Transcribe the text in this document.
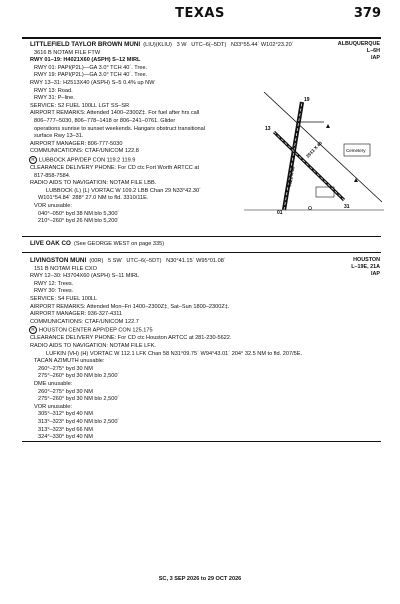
TEXAS	379
ALBUQUERQUE
L–6H
IAP
LITTLEFIELD TAYLOR BROWN MUNI (LIU)(KLIU) 3 W UTC–6(–5DT) N33°55.44´ W102°23.20´
3616 B NOTAM FILE FTW
RWY 01–19: H4021X60 (ASPH) S–12 MIRL
RWY 01: PAPI(P2L)—GA 3.0° TCH 40´. Tree.
RWY 19: PAPI(P2L)—GA 3.0° TCH 40´. Tree.
RWY 13–31: H2513X40 (ASPH) S–5 0.4% up NW
RWY 13: Road.
RWY 31: P–line.
SERVICE: S2 FUEL 100LL LGT SS–SR
AIRPORT REMARKS: Attended 1400–2300Z‡. For fuel after hrs call
806–777–5030, 806–778–1418 or 806–241–0761. Glider
operations sunrise to sunset weekends. Hangars obstruct transitional
surface Rwy 13–31.
AIRPORT MANAGER: 806-777-5030
COMMUNICATIONS: CTAF/UNICOM 122.8
R LUBBOCK APP/DEP CON 119.2 119.9
CLEARANCE DELIVERY PHONE: For CD ctc Fort Worth ARTCC at
817-858-7584.
RADIO AIDS TO NAVIGATION: NOTAM FILE LBB.
LUBBOCK (L) (L) VORTAC W 109.2 LBB Chan 29 N33°42.30´
W101°54.84´ 288° 27.0 NM to fld. 3310/11E.
VOR unusable:
040°–050° byd 38 NM blo 5,300´
210°–260° byd 26 NM blo 5,200´
Cemetery
01
19
13
31
4021 X 60
2513 X 40
LIVE OAK CO (See GEORGE WEST on page 335)
HOUSTON
L–19E, 21A
IAP
LIVINGSTON MUNI (00R) 5 SW UTC–6(–5DT) N30°41.15´ W95°01.08´
151 B NOTAM FILE CXO
RWY 12–30: H3704X60 (ASPH) S–11 MIRL
RWY 12: Trees.
RWY 30: Trees.
SERVICE: S4 FUEL 100LL
AIRPORT REMARKS: Attended Mon–Fri 1400–2300Z‡, Sat–Sun 1800–2300Z‡.
AIRPORT MANAGER: 936-327-4311
COMMUNICATIONS: CTAF/UNICOM 122.7
R HOUSTON CENTER APP/DEP CON 125.175
CLEARANCE DELIVERY PHONE: For CD ctc Houston ARTCC at 281-230-5622.
RADIO AIDS TO NAVIGATION: NOTAM FILE LFK.
LUFKIN (VH) (H) VORTAC W 112.1 LFK Chan 58 N31°09.75´ W94°43.01´ 204° 32.5 NM to fld. 207/5E.
TACAN AZIMUTH unusable:
260°–275° byd 30 NM
275°–260° byd 30 NM blo 2,500´
DME unusable:
260°–275° byd 30 NM
275°–260° byd 30 NM blo 2,500´
VOR unusable:
305°–312° byd 40 NM
313°–323° byd 40 NM blo 2,500´
313°–323° byd 66 NM
324°–330° byd 40 NM
SC, 3 SEP 2026 to 29 OCT 2026
